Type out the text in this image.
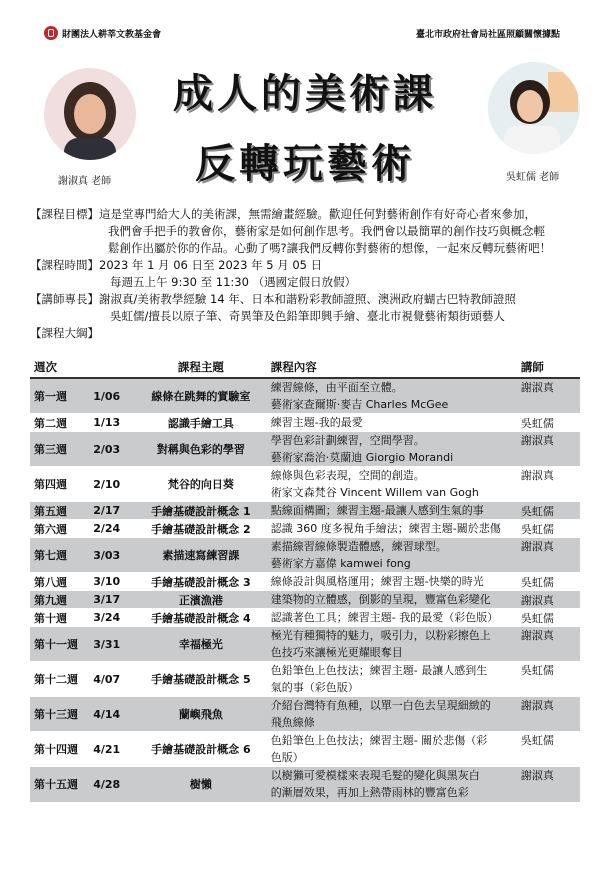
財團法人耕莘文教基金會	臺北市政府社會局社區照顧關懷據點
謝淑真 老師	吳虹儒 老師
成人的美術課
反轉玩藝術
【課程目標】這是堂專門給大人的美術課，無需繪畫經驗。歡迎任何對藝術創作有好奇心者來參加，
我們會手把手的教會你，藝術家是如何創作思考。我們會以最簡單的創作技巧與概念輕
鬆創作出屬於你的作品。心動了嗎?讓我們反轉你對藝術的想像，一起來反轉玩藝術吧！
【課程時間】2023 年 1 月 06 日至 2023 年 5 月 05 日
每週五上午 9:30 至 11:30 （遇國定假日放假）
【講師專長】謝淑真/美術教學經驗 14 年、日本和諧粉彩教師證照、澳洲政府蝴古巴特教師證照
吳虹儒/擅長以原子筆、奇異筆及色鉛筆即興手繪、臺北市視覺藝術類街頭藝人
【課程大綱】
週次		課程主題	課程內容	講師
第一週	1/06	線條在跳舞的實驗室	練習線條，由平面至立體。
藝術家查爾斯·麥吉 Charles McGee	謝淑真
第二週	1/13	認識手繪工具	練習主題-我的最愛	吳虹儒
第三週	2/03	對稱與色彩的學習	學習色彩計劃練習，空間學習。
藝術家喬治·莫蘭迪 Giorgio Morandi	謝淑真
第四週	2/10	梵谷的向日葵	線條與色彩表現，空間的創造。
術家文森梵谷 Vincent Willem van Gogh	謝淑真
第五週	2/17	手繪基礎設計概念 1	點線面構圖；練習主題-最讓人感到生氣的事	吳虹儒
第六週	2/24	手繪基礎設計概念 2	認識 360 度多視角手繪法；練習主題-關於悲傷	吳虹儒
第七週	3/03	素描速寫練習課	素描線習線條製造體感，練習球型。
藝術家方嘉偉 kamwei fong	謝淑真
第八週	3/10	手繪基礎設計概念 3	線條設計與風格運用；練習主題-快樂的時光	吳虹儒
第九週	3/17	正濱漁港	建築物的立體感，倒影的呈現，豐富色彩變化	謝淑真
第十週	3/24	手繪基礎設計概念 4	認識著色工具；練習主題- 我的最愛（彩色版）	吳虹儒
第十一週	3/31	幸福極光	極光有種獨特的魅力，吸引力，以粉彩擦色上
色技巧來讓極光更耀眼奪目	謝淑真
第十二週	4/07	手繪基礎設計概念 5	色鉛筆色上色技法；練習主題- 最讓人感到生
氣的事（彩色版）	吳虹儒
第十三週	4/14	蘭嶼飛魚	介紹台灣特有魚種，以單一白色去呈現細緻的
飛魚線條	謝淑真
第十四週	4/21	手繪基礎設計概念 6	色鉛筆色上色技法；練習主題- 關於悲傷（彩
色版）	吳虹儒
第十五週	4/28	樹懶	以樹獺可愛模樣來表現毛髮的變化與黑灰白
的漸層效果，再加上熱帶雨林的豐富色彩	謝淑真
